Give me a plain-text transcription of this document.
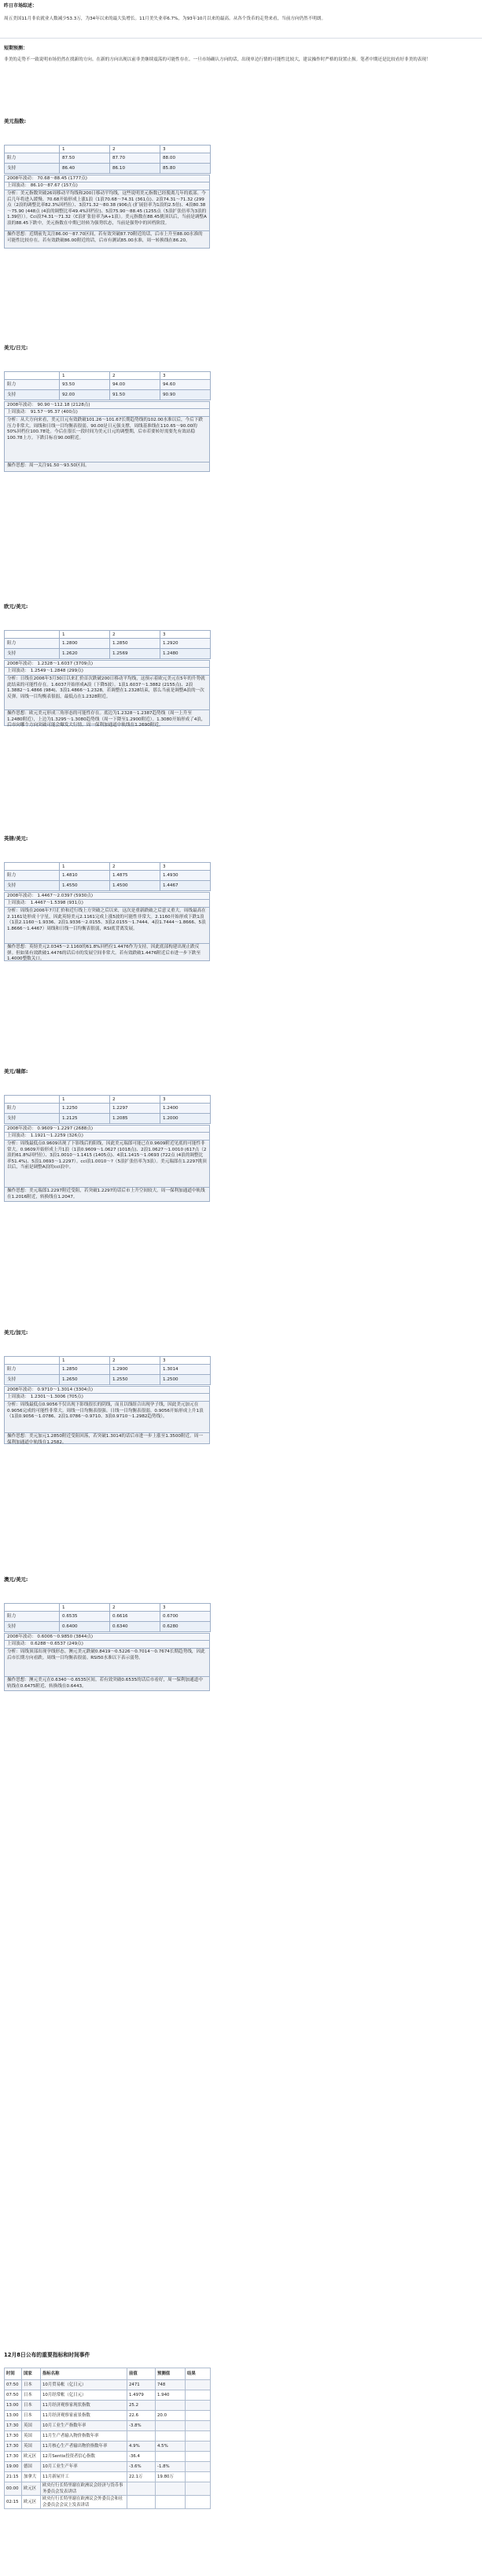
昨日市场综述：
周五美国11月非农就业人数减少53.3万，为34年以来的最大负增长。11月美失业率6.7%，为93年10月以来的最高。从各个货币的走势来看，当前方向仍然不明朗。
短期预测：
非美的走势不一致说明市场仍然在找新的方向。在新的方向出现以前非美继续震荡的可能性存在。一旦市场确认方向的话，出现单边行情的可能性比较大，建议操作时严格的设置止损。笔者中期还是比较看好非美的表现！
美元指数:
	1	2	3
阻力	87.50	87.70	88.00
支持	86.40	86.10	85.80
2008年波动： 70.68～88.45 (1777点)
上周波动： 86.10～87.67 (157点)
分析：美元指数突破26周移动平均线和200日移动平均线，这些说明美元指数已经脱离几年的底部。今后几年将进入缓慢、70.68开始形成上涨1浪（1浪70.68～74.31 (361点)、2浪74.31～71.32 (299点（2浪的调整比率82.3%回档位）、3浪71.32～80.38 (906点 (扩展倍率为1浪的2.5倍)、4浪80.38～75.90 (448点 (4浪的调整比率49.4%回档位)、5浪75.90～88.45 (1255点（5浪扩张倍率为3浪的1.39倍））。Cci浪74.31～71.32（C浪扩张倍率为A+1浪）。美元指数在88.45挑顶以后，当前是调整A浪的88.45下跌中，美元指数在中期已经转为强势状态，当前是强势中的回档阶段。
操作思想：近期前先关注86.00～87.70区间，若有效突破87.70附近的话，后市上升至88.00水准的可能性比较存在。若有效跌破86.00附近的话，后市有测试85.00水准，周一转换线在86.20。
美元/日元:
	1	2	3
阻力	93.50	94.00	94.60
支持	92.00	91.50	90.90
2008年波动： 90.90～112.18 (2128点)
上周波动： 91.57～95.37 (400点)
分析：从大方向来看，美元日元有效跌破101.26～101.67长期趋势线的102.00水准以后，今后下跌压力非常大。周线和日线一目均衡表很弱。90.00是日元强支撑，周线基准线在110.65～90.00的50%回档位100.78处。今后在很长一段时间为美元日元的调整期，后市若要转好需要先有效站稳100.78上方。下跌目标在90.00附近。
操作思想：周一关注91.50～93.50区间。
欧元/美元:
	1	2	3
阻力	1.2800	1.2850	1.2920
支持	1.2620	1.2569	1.2480
2008年波动： 1.2328～1.6037 (3709点)
上周波动： 1.2549～1.2848 (299点)
分析：日线在2006年3月30日以来汇价首次跌破200日移动平均线，这预示着欧元美元在5年的升势就此结束的可能性存在。1.6037开始形成A浪（下降5波）。1浪1.6037～1.3882 (2155点)、2浪1.3882～1.4866 (984)、3浪1.4866～1.2328，若调整在1.2328结束，那么当前是调整A浪的一次反弹。周线一目均衡表很弱，最低点在1.2328附近。
操作思想：欧元美元形成三角形态的可能性存在。底边为1.2328～1.2387趋势线（周一上升至1.2480附近），上边为1.3295～1.3080趋势线（周一下降至1.2900附近）。1.3080开始形成了4浪，后市向哪个方向突破可能会爆发大行情。周一保利加通道中轨线在1.2690附近。
英镑/美元:
	1	2	3
阻力	1.4810	1.4875	1.4930
支持	1.4550	1.4500	1.4467
2008年波动： 1.4467～2.0397 (5930点)
上周波动： 1.4467～1.5398 (931点)
分析：周线在2006年7月汇价和近行线上方突破之后以来，这次是重新跌破之后意义重大，周线最高在2.1161处形成十字星，因此英镑美元2.1161完成上涨5波的可能性非常大。2.1160开始形成下跌1浪（1浪2.1160～1.9336、2浪1.9336～2.0155、3浪2.0155～1.7444、4浪1.7444～1.8666、5浪1.8666～1.4467）周线和日线一目均衡表很弱，RSI底背离发展。
操作思想：英镑美元2.0345～2.1160的61.8%回档位1.4476作为支持，因此底部构建出现止跌反弹。但如果有效跌破1.4476的话后市的发展空间非常大。若有效跌破1.4476附近后市进一步下跌至1.4000整数关口。
美元/瑞郎:
	1	2	3
阻力	1.2250	1.2297	1.2400
支持	1.2125	1.2085	1.2000
2008年波动： 0.9609～1.2297 (2688点)
上周波动： 1.1921～1.2259 (326点)
分析：周线最低点0.9609出现了下影线后的阳线，因此美元瑞郎可能已在0.9609附近见底的可能性非常大。0.9609开始形成上升1浪（1浪0.9609～1.0627 (1018点)、2浪1.0627～1.0010 (617点（2浪的61.8%回档位）、3浪1.0010～1.1415 (1405点)、4浪1.1415～1.0693 (722点 (4浪的调整比率51.4%)、5浪1.0693～1.2297）。cci浪1.0010～?（5浪扩张倍率为3浪）。美元瑞郎在1.2297挑顶以后，当前是调整A浪的cci浪中。
操作思想：美元瑞郎1.2297附近受阻，若突破1.2297的话后市上升空间较大。周一保利加通道中轨线在1.2016附近，转换线在1.2047。
美元/加元:
	1	2	3
阻力	1.2850	1.2900	1.3014
支持	1.2650	1.2550	1.2500
2008年波动： 0.9710～1.3014 (3304点)
上周波动： 1.2301～1.3006 (705点)
分析：周线最低点0.9056不仅出现下影线很长的阴线，而且以线组合出现孕子线，因此美元加元在0.9056完成的可能性非常大。周线一目均衡表很强。日线一目均衡表很弱。0.9056开始形成上升1浪（1浪0.9056～1.0786、2浪1.0786～0.9710、3浪0.9710～1.2982趋势线）。
操作思想：美元加元1.2850附近受阻回落，若突破1.3014的话后市进一步上涨至1.3500附近。周一保利加通道中轨线在1.2582。
澳元/美元:
	1	2	3
阻力	0.6535	0.6616	0.6700
支持	0.6400	0.6340	0.6280
2008年波动： 0.6006～0.9850 (3844点)
上周波动： 0.6288～0.6537 (249点)
分析：周线顶部出现孕线形态。澳元美元跌破0.8419～0.5226～0.7014～0.7674长期趋势线，因此后市长期方向看跌。周线一目均衡表很弱。RSI50水准以下表示弱势。
操作思想：澳元美元在0.6340～0.6535区间。若有效突破0.6535的话后市看好，周一保利加通道中轨线在0.6475附近、转换线在0.6443。
12月8日公布的重要指标和时间事件
时间	国家	指标名称	前值	预测值	结果
07:50	日本	10月贸易帐（亿日元）	2471	748	
07:50	日本	10月经常帐（亿日元）	1.4979	1.940	
13:00	日本	11月经济观察家现状指数	25.2		
13:00	日本	11月经济观察家前景指数	22.6	20.0	
17:30	英国	10月工业生产指数年率	-3.8%		
17:30	英国	11月生产者输入物价指数年率			
17:30	英国	11月核心生产者输出物价指数年率	4.9%	4.5%	
17:30	欧元区	12月Sentix投资者信心指数	-36.4		
19:00	德国	10月工业生产年率	-3.6%	-1.8%	
21:15	加拿大	11月新屋开工	22.1万	19.80万	
00:00	欧元区	欧央行行长特里谢在欧洲议会经济与货币事务委员会发表讲话			
02:15	欧元区	欧央行行长特里谢在欧洲议会外委员会和社会委员会会议上发表讲话			
